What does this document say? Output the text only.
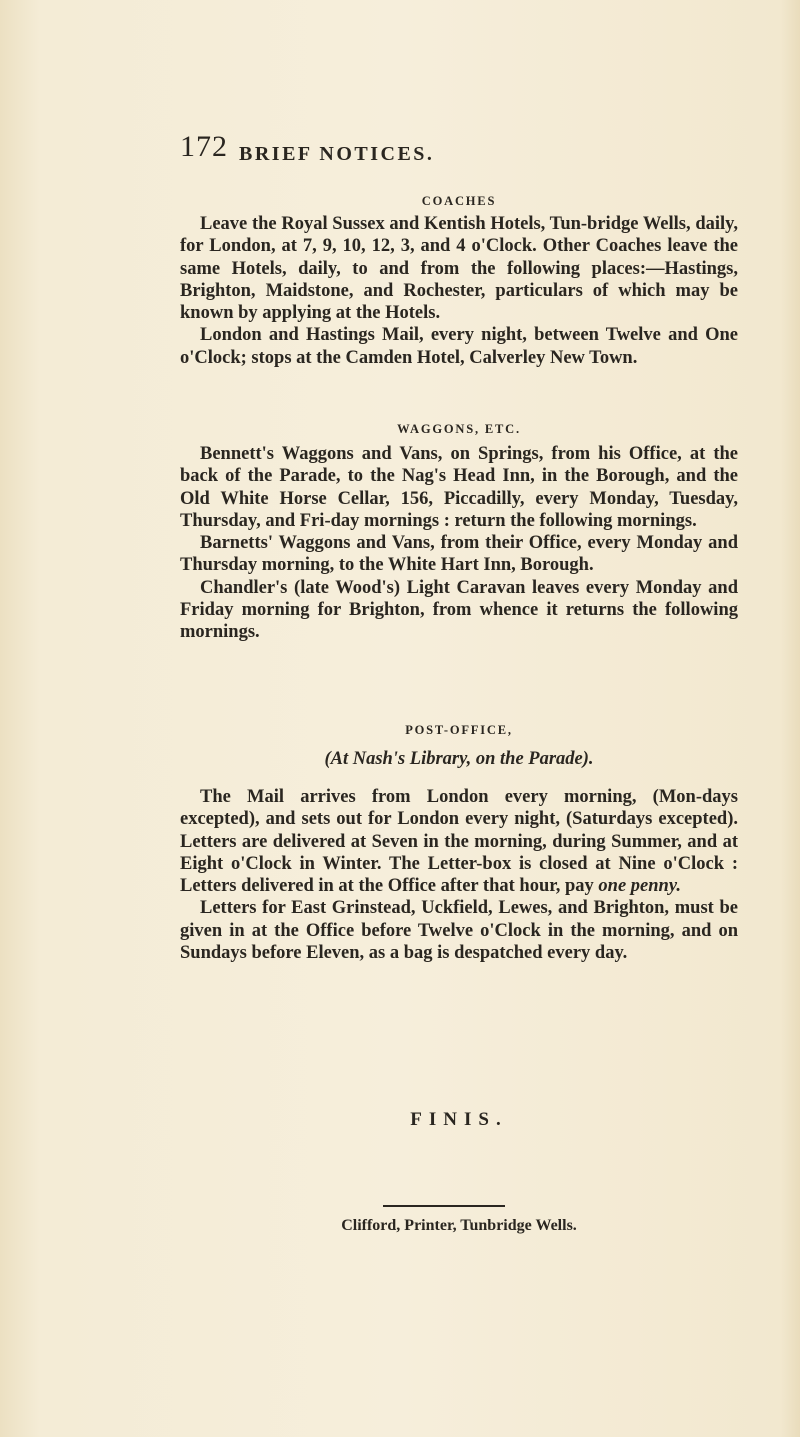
172 BRIEF NOTICES.
COACHES

Leave the Royal Sussex and Kentish Hotels, Tun-bridge Wells, daily, for London, at 7, 9, 10, 12, 3, and 4 o'Clock. Other Coaches leave the same Hotels, daily, to and from the following places:—Hastings, Brighton, Maidstone, and Rochester, particulars of which may be known by applying at the Hotels.

London and Hastings Mail, every night, between Twelve and One o'Clock; stops at the Camden Hotel, Calverley New Town.

WAGGONS, ETC.

Bennett's Waggons and Vans, on Springs, from his Office, at the back of the Parade, to the Nag's Head Inn, in the Borough, and the Old White Horse Cellar, 156, Piccadilly, every Monday, Tuesday, Thursday, and Fri-day mornings : return the following mornings.

Barnetts' Waggons and Vans, from their Office, every Monday and Thursday morning, to the White Hart Inn, Borough.

Chandler's (late Wood's) Light Caravan leaves every Monday and Friday morning for Brighton, from whence it returns the following mornings.

POST-OFFICE,
(At Nash's Library, on the Parade).

The Mail arrives from London every morning, (Mon-days excepted), and sets out for London every night, (Saturdays excepted). Letters are delivered at Seven in the morning, during Summer, and at Eight o'Clock in Winter. The Letter-box is closed at Nine o'Clock : Letters delivered in at the Office after that hour, pay one penny.

Letters for East Grinstead, Uckfield, Lewes, and Brighton, must be given in at the Office before Twelve o'Clock in the morning, and on Sundays before Eleven, as a bag is despatched every day.

FINIS.
Clifford, Printer, Tunbridge Wells.
